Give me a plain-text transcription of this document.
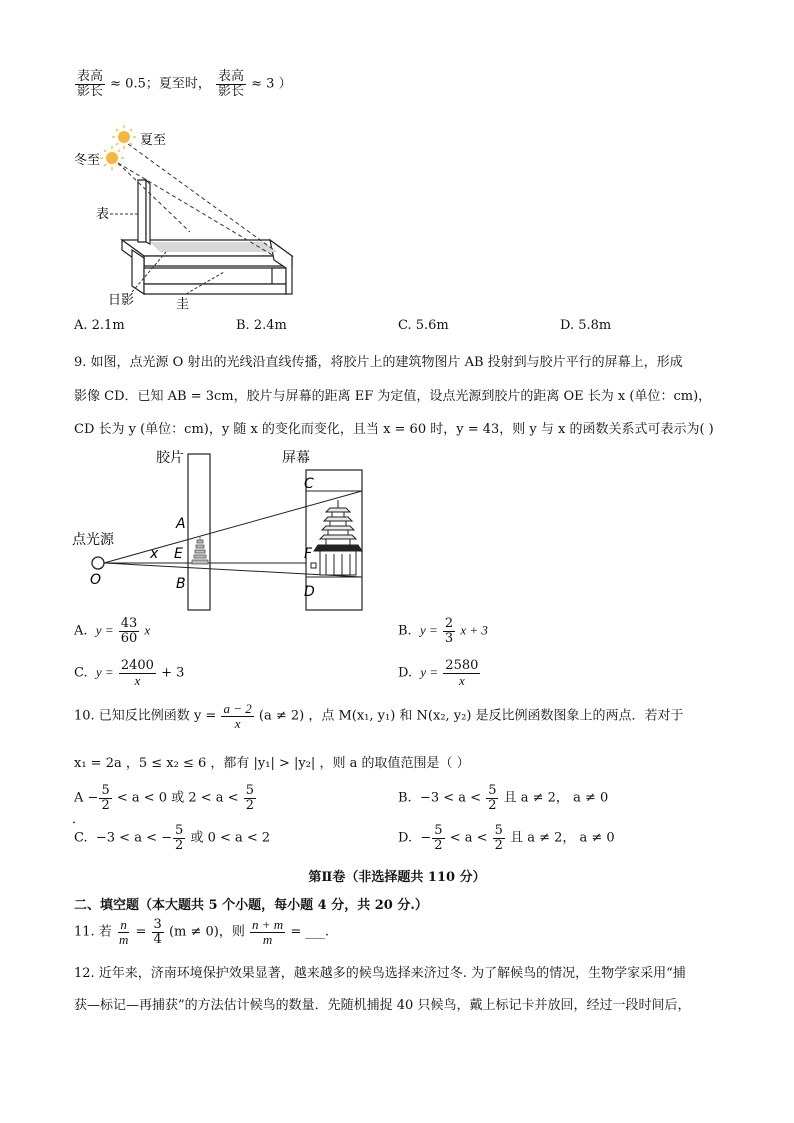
$\frac{\text{表高}}{\text{影长}} \approx 0.5$；夏至时， $\frac{\text{表高}}{\text{影长}} \approx 3$ ）
夏至
冬至
表
日影	圭
A. 2.1m	B. 2.4m	C. 5.6m	D. 5.8m
9. 如图，点光源 O 射出的光线沿直线传播，将胶片上的建筑物图片 AB 投射到与胶片平行的屏幕上，形成
影像 CD．已知 AB = 3cm，胶片与屏幕的距离 EF 为定值，设点光源到胶片的距离 OE 长为 x (单位：cm)，
CD 长为 y (单位：cm)，y 随 x 的变化而变化，且当 x = 60 时，y = 43，则 y 与 x 的函数关系式可表示为( )
胶片	屏幕
点光源
O
x
A
E
B
C
F
D
A. $y = \frac{43}{60}$ x	B. $y = \frac{2}{3}$ x + 3
C. $y = \frac{2400}{x} + 3$	D. $y = \frac{2580}{x}$
10. 已知反比例函数 $y = \frac{a - 2}{x} (a \ne 2)$ ，点 M(x₁, y₁) 和 N(x₂, y₂) 是反比例函数图象上的两点．若对于
x₁ = 2a ，5 ≤ x₂ ≤ 6 ，都有 |y₁| > |y₂| ，则 a 的取值范围是（ ）
$A - \frac{5}{2} < a < 0$ 或 $2 < a < \frac{5}{2}$
．
B. $-3 < a < \frac{5}{2}$ 且 a ≠ 2， a ≠ 0
C. −3 < a < − $\frac{5}{2}$ 或 0 < a < 2	D. − $\frac{5}{2} < a < \frac{5}{2}$ 且 a ≠ 2， a ≠ 0
第Ⅱ卷（非选择题共 110 分）
二、填空题（本大题共 5 个小题，每小题 4 分，共 20 分.）
11. 若 $\frac{n}{m} = \frac{3}{4} (m \ne 0)$，则 $\frac{n + m}{m}$ = ___.
12. 近年来，济南环境保护效果显著，越来越多的候鸟选择来济过冬. 为了解候鸟的情况，生物学家采用“捕
获—标记—再捕获”的方法估计候鸟的数量．先随机捕捉 40 只候鸟，戴上标记卡并放回，经过一段时间后，
